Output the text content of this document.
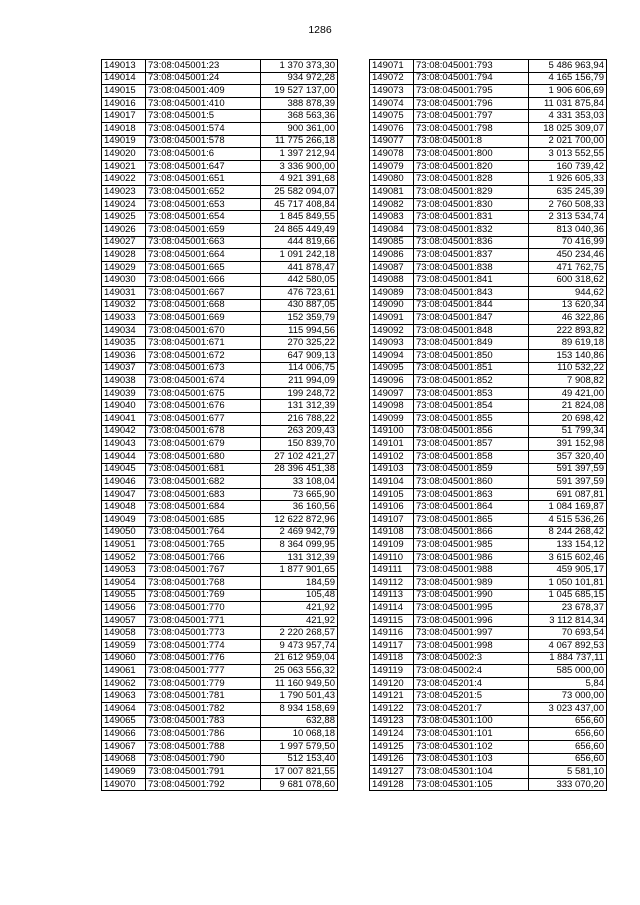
1286
149013	73:08:045001:23	1 370 373,30
149014	73:08:045001:24	934 972,28
149015	73:08:045001:409	19 527 137,00
149016	73:08:045001:410	388 878,39
149017	73:08:045001:5	368 563,36
149018	73:08:045001:574	900 361,00
149019	73:08:045001:578	11 775 266,18
149020	73:08:045001:6	1 397 212,94
149021	73:08:045001:647	3 336 900,00
149022	73:08:045001:651	4 921 391,68
149023	73:08:045001:652	25 582 094,07
149024	73:08:045001:653	45 717 408,84
149025	73:08:045001:654	1 845 849,55
149026	73:08:045001:659	24 865 449,49
149027	73:08:045001:663	444 819,66
149028	73:08:045001:664	1 091 242,18
149029	73:08:045001:665	441 878,47
149030	73:08:045001:666	442 580,05
149031	73:08:045001:667	476 723,61
149032	73:08:045001:668	430 887,05
149033	73:08:045001:669	152 359,79
149034	73:08:045001:670	115 994,56
149035	73:08:045001:671	270 325,22
149036	73:08:045001:672	647 909,13
149037	73:08:045001:673	114 006,75
149038	73:08:045001:674	211 994,09
149039	73:08:045001:675	199 248,72
149040	73:08:045001:676	131 312,39
149041	73:08:045001:677	216 788,22
149042	73:08:045001:678	263 209,43
149043	73:08:045001:679	150 839,70
149044	73:08:045001:680	27 102 421,27
149045	73:08:045001:681	28 396 451,38
149046	73:08:045001:682	33 108,04
149047	73:08:045001:683	73 665,90
149048	73:08:045001:684	36 160,56
149049	73:08:045001:685	12 622 872,96
149050	73:08:045001:764	2 469 942,79
149051	73:08:045001:765	8 364 099,95
149052	73:08:045001:766	131 312,39
149053	73:08:045001:767	1 877 901,65
149054	73:08:045001:768	184,59
149055	73:08:045001:769	105,48
149056	73:08:045001:770	421,92
149057	73:08:045001:771	421,92
149058	73:08:045001:773	2 220 268,57
149059	73:08:045001:774	9 473 957,74
149060	73:08:045001:776	21 612 959,04
149061	73:08:045001:777	25 063 556,32
149062	73:08:045001:779	11 160 949,50
149063	73:08:045001:781	1 790 501,43
149064	73:08:045001:782	8 934 158,69
149065	73:08:045001:783	632,88
149066	73:08:045001:786	10 068,18
149067	73:08:045001:788	1 997 579,50
149068	73:08:045001:790	512 153,40
149069	73:08:045001:791	17 007 821,55
149070	73:08:045001:792	9 681 078,60
149071	73:08:045001:793	5 486 963,94
149072	73:08:045001:794	4 165 156,79
149073	73:08:045001:795	1 906 606,69
149074	73:08:045001:796	11 031 875,84
149075	73:08:045001:797	4 331 353,03
149076	73:08:045001:798	18 025 309,07
149077	73:08:045001:8	2 021 700,00
149078	73:08:045001:800	3 013 552,55
149079	73:08:045001:820	160 739,42
149080	73:08:045001:828	1 926 605,33
149081	73:08:045001:829	635 245,39
149082	73:08:045001:830	2 760 508,33
149083	73:08:045001:831	2 313 534,74
149084	73:08:045001:832	813 040,36
149085	73:08:045001:836	70 416,99
149086	73:08:045001:837	450 234,46
149087	73:08:045001:838	471 762,75
149088	73:08:045001:841	600 318,62
149089	73:08:045001:843	944,62
149090	73:08:045001:844	13 620,34
149091	73:08:045001:847	46 322,86
149092	73:08:045001:848	222 893,82
149093	73:08:045001:849	89 619,18
149094	73:08:045001:850	153 140,86
149095	73:08:045001:851	110 532,22
149096	73:08:045001:852	7 908,82
149097	73:08:045001:853	49 421,00
149098	73:08:045001:854	21 824,08
149099	73:08:045001:855	20 698,42
149100	73:08:045001:856	51 799,34
149101	73:08:045001:857	391 152,98
149102	73:08:045001:858	357 320,40
149103	73:08:045001:859	591 397,59
149104	73:08:045001:860	591 397,59
149105	73:08:045001:863	691 087,81
149106	73:08:045001:864	1 084 169,87
149107	73:08:045001:865	4 515 536,26
149108	73:08:045001:866	8 244 268,42
149109	73:08:045001:985	133 154,12
149110	73:08:045001:986	3 615 602,46
149111	73:08:045001:988	459 905,17
149112	73:08:045001:989	1 050 101,81
149113	73:08:045001:990	1 045 685,15
149114	73:08:045001:995	23 678,37
149115	73:08:045001:996	3 112 814,34
149116	73:08:045001:997	70 693,54
149117	73:08:045001:998	4 067 892,53
149118	73:08:045002:3	1 884 737,11
149119	73:08:045002:4	585 000,00
149120	73:08:045201:4	5,84
149121	73:08:045201:5	73 000,00
149122	73:08:045201:7	3 023 437,00
149123	73:08:045301:100	656,60
149124	73:08:045301:101	656,60
149125	73:08:045301:102	656,60
149126	73:08:045301:103	656,60
149127	73:08:045301:104	5 581,10
149128	73:08:045301:105	333 070,20
